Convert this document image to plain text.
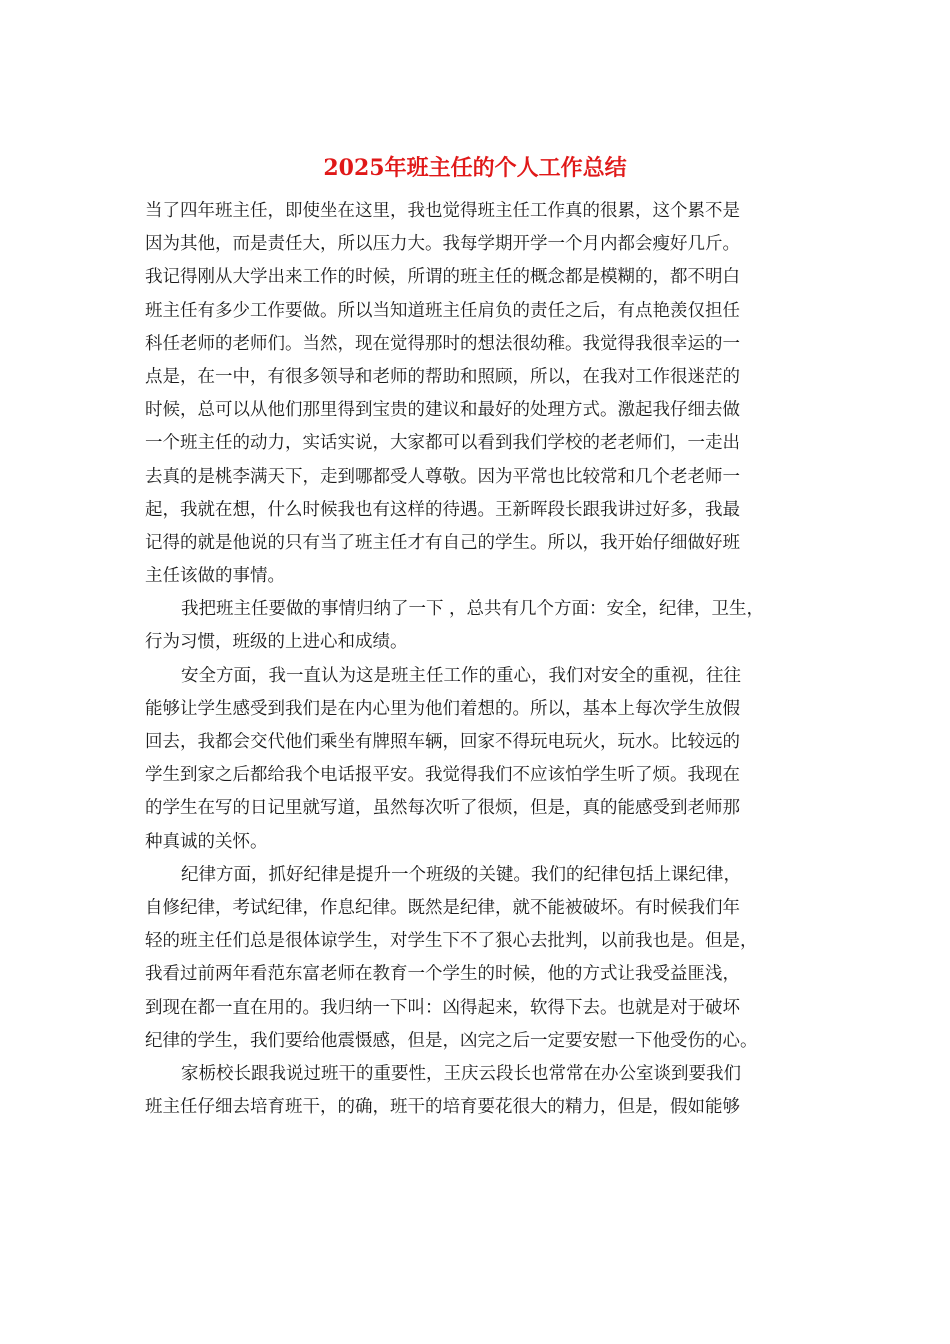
2025年班主任的个人工作总结
当了四年班主任，即使坐在这里，我也觉得班主任工作真的很累，这个累不是
因为其他，而是责任大，所以压力大。我每学期开学一个月内都会瘦好几斤。
我记得刚从大学出来工作的时候，所谓的班主任的概念都是模糊的，都不明白
班主任有多少工作要做。所以当知道班主任肩负的责任之后，有点艳羡仅担任
科任老师的老师们。当然，现在觉得那时的想法很幼稚。我觉得我很幸运的一
点是，在一中，有很多领导和老师的帮助和照顾，所以，在我对工作很迷茫的
时候，总可以从他们那里得到宝贵的建议和最好的处理方式。激起我仔细去做
一个班主任的动力，实话实说，大家都可以看到我们学校的老老师们，一走出
去真的是桃李满天下，走到哪都受人尊敬。因为平常也比较常和几个老老师一
起，我就在想，什么时候我也有这样的待遇。王新晖段长跟我讲过好多，我最
记得的就是他说的只有当了班主任才有自己的学生。所以，我开始仔细做好班
主任该做的事情。
我把班主任要做的事情归纳了一下 ，总共有几个方面：安全，纪律，卫生，
行为习惯，班级的上进心和成绩。
安全方面，我一直认为这是班主任工作的重心，我们对安全的重视，往往
能够让学生感受到我们是在内心里为他们着想的。所以，基本上每次学生放假
回去，我都会交代他们乘坐有牌照车辆，回家不得玩电玩火，玩水。比较远的
学生到家之后都给我个电话报平安。我觉得我们不应该怕学生听了烦。我现在
的学生在写的日记里就写道，虽然每次听了很烦，但是，真的能感受到老师那
种真诚的关怀。
纪律方面，抓好纪律是提升一个班级的关键。我们的纪律包括上课纪律，
自修纪律，考试纪律，作息纪律。既然是纪律，就不能被破坏。有时候我们年
轻的班主任们总是很体谅学生，对学生下不了狠心去批判，以前我也是。但是，
我看过前两年看范东富老师在教育一个学生的时候，他的方式让我受益匪浅，
到现在都一直在用的。我归纳一下叫：凶得起来，软得下去。也就是对于破坏
纪律的学生，我们要给他震慑感，但是，凶完之后一定要安慰一下他受伤的心。
家栃校长跟我说过班干的重要性，王庆云段长也常常在办公室谈到要我们
班主任仔细去培育班干，的确，班干的培育要花很大的精力，但是，假如能够
